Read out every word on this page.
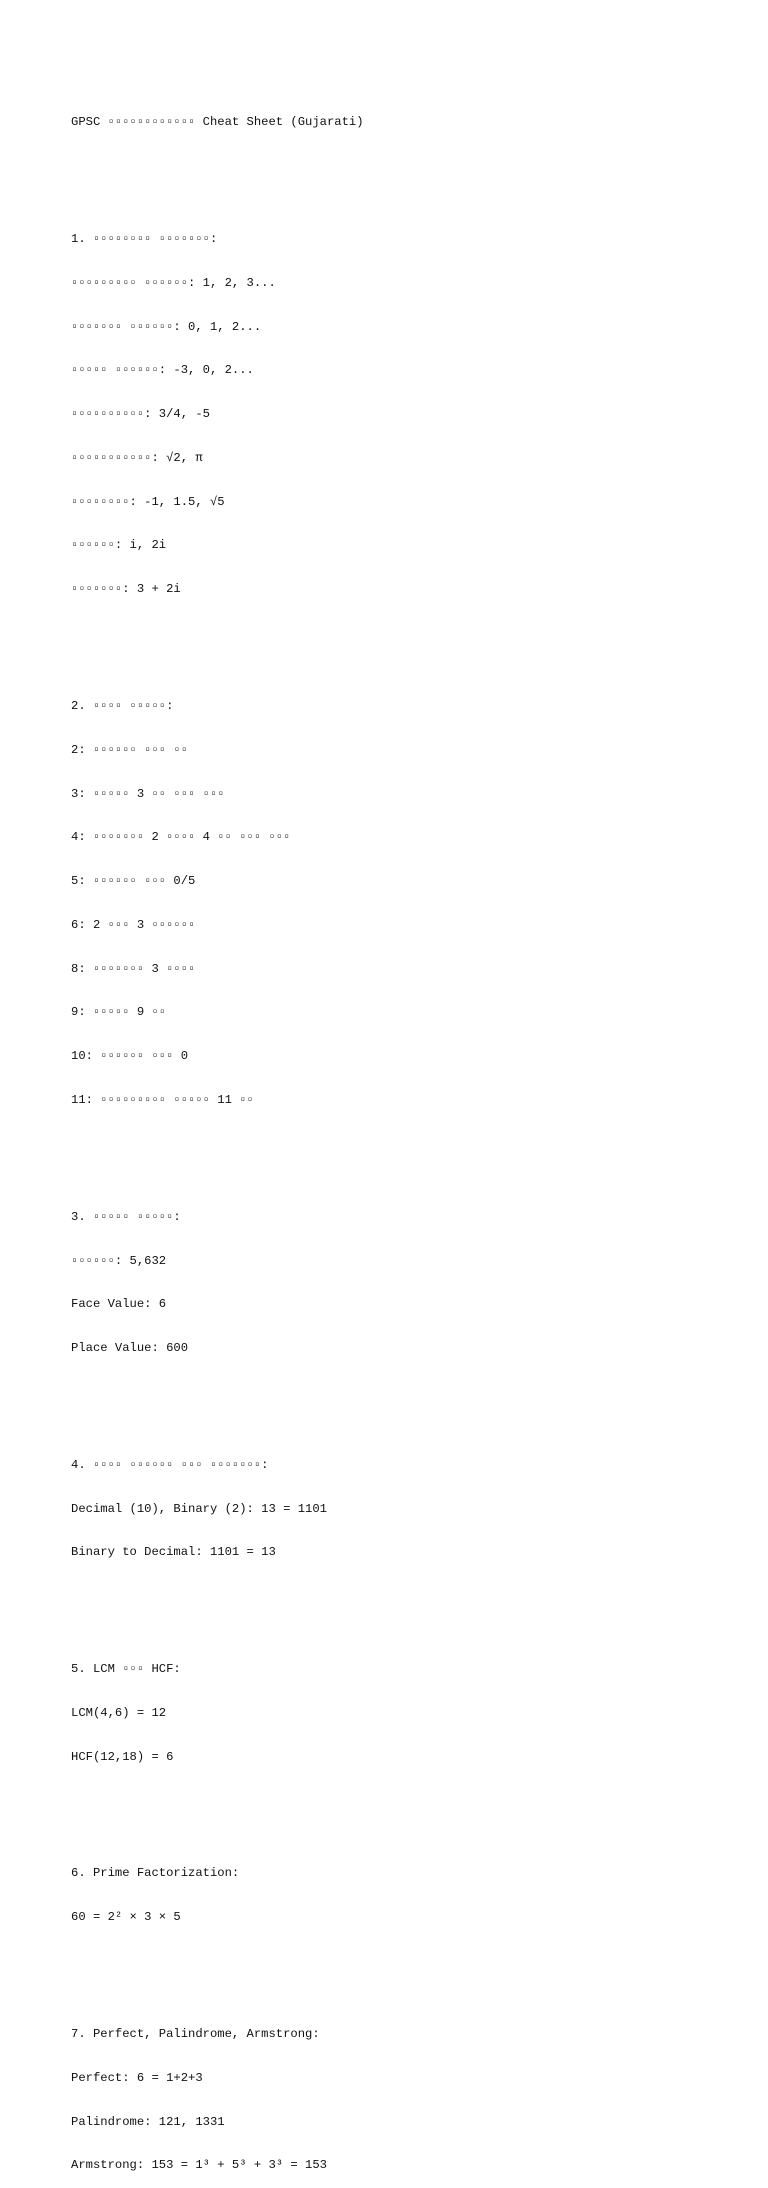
GPSC ▫▫▫▫▫▫▫▫▫▫▫▫ Cheat Sheet (Gujarati)

1. ▫▫▫▫▫▫▫▫ ▫▫▫▫▫▫▫:

▫▫▫▫▫▫▫▫▫ ▫▫▫▫▫▫: 1, 2, 3...

▫▫▫▫▫▫▫ ▫▫▫▫▫▫: 0, 1, 2...

▫▫▫▫▫ ▫▫▫▫▫▫: -3, 0, 2...

▫▫▫▫▫▫▫▫▫▫: 3/4, -5

▫▫▫▫▫▫▫▫▫▫▫: √2, π

▫▫▫▫▫▫▫▫: -1, 1.5, √5

▫▫▫▫▫▫: i, 2i

▫▫▫▫▫▫▫: 3 + 2i

2. ▫▫▫▫ ▫▫▫▫▫:

2: ▫▫▫▫▫▫ ▫▫▫ ▫▫

3: ▫▫▫▫▫ 3 ▫▫ ▫▫▫ ▫▫▫

4: ▫▫▫▫▫▫▫ 2 ▫▫▫▫ 4 ▫▫ ▫▫▫ ▫▫▫

5: ▫▫▫▫▫▫ ▫▫▫ 0/5

6: 2 ▫▫▫ 3 ▫▫▫▫▫▫

8: ▫▫▫▫▫▫▫ 3 ▫▫▫▫

9: ▫▫▫▫▫ 9 ▫▫

10: ▫▫▫▫▫▫ ▫▫▫ 0

11: ▫▫▫▫▫▫▫▫▫ ▫▫▫▫▫ 11 ▫▫

3. ▫▫▫▫▫ ▫▫▫▫▫:

▫▫▫▫▫▫: 5,632

Face Value: 6

Place Value: 600

4. ▫▫▫▫ ▫▫▫▫▫▫ ▫▫▫ ▫▫▫▫▫▫▫:

Decimal (10), Binary (2): 13 = 1101

Binary to Decimal: 1101 = 13

5. LCM ▫▫▫ HCF:

LCM(4,6) = 12

HCF(12,18) = 6

6. Prime Factorization:

60 = 2² × 3 × 5

7. Perfect, Palindrome, Armstrong:

Perfect: 6 = 1+2+3

Palindrome: 121, 1331

Armstrong: 153 = 1³ + 5³ + 3³ = 153
